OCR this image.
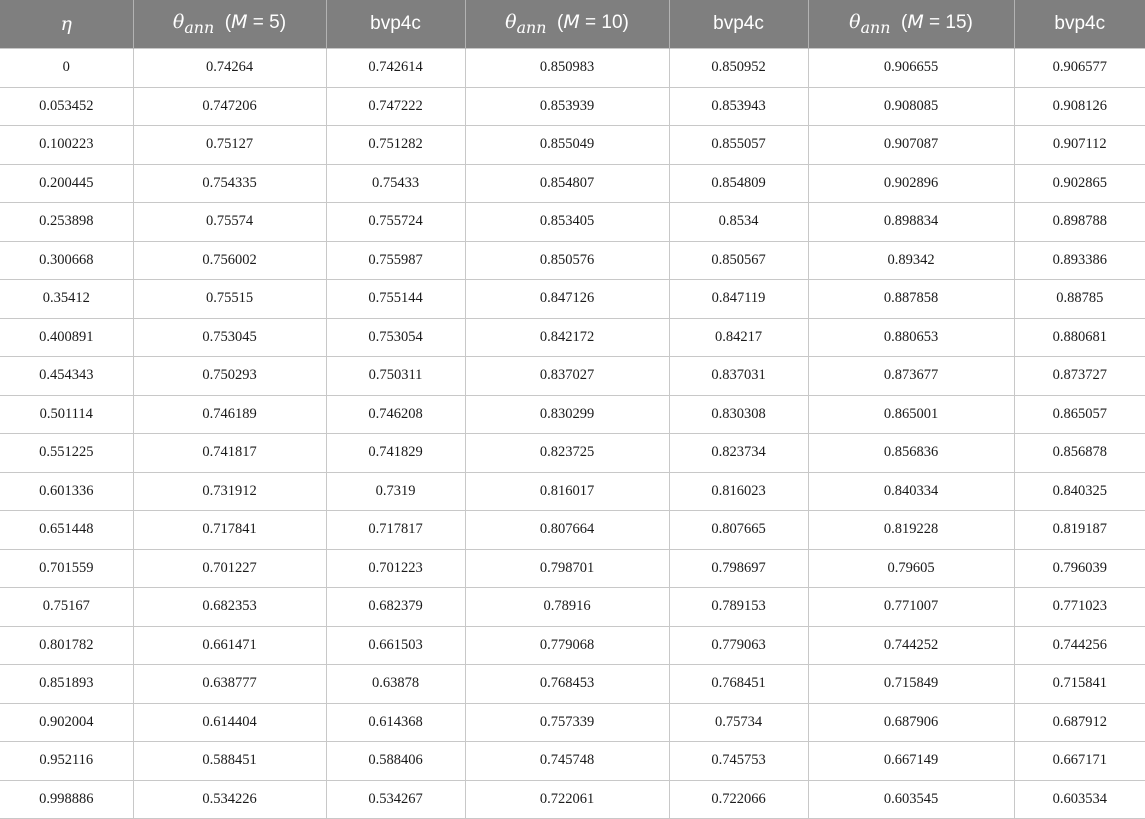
η	$\theta_{ann}$  (M = 5)	bvp4c	$\theta_{ann}$  (M = 10)	bvp4c	$\theta_{ann}$  (M = 15)	bvp4c
0	0.74264	0.742614	0.850983	0.850952	0.906655	0.906577
0.053452	0.747206	0.747222	0.853939	0.853943	0.908085	0.908126
0.100223	0.75127	0.751282	0.855049	0.855057	0.907087	0.907112
0.200445	0.754335	0.75433	0.854807	0.854809	0.902896	0.902865
0.253898	0.75574	0.755724	0.853405	0.8534	0.898834	0.898788
0.300668	0.756002	0.755987	0.850576	0.850567	0.89342	0.893386
0.35412	0.75515	0.755144	0.847126	0.847119	0.887858	0.88785
0.400891	0.753045	0.753054	0.842172	0.84217	0.880653	0.880681
0.454343	0.750293	0.750311	0.837027	0.837031	0.873677	0.873727
0.501114	0.746189	0.746208	0.830299	0.830308	0.865001	0.865057
0.551225	0.741817	0.741829	0.823725	0.823734	0.856836	0.856878
0.601336	0.731912	0.7319	0.816017	0.816023	0.840334	0.840325
0.651448	0.717841	0.717817	0.807664	0.807665	0.819228	0.819187
0.701559	0.701227	0.701223	0.798701	0.798697	0.79605	0.796039
0.75167	0.682353	0.682379	0.78916	0.789153	0.771007	0.771023
0.801782	0.661471	0.661503	0.779068	0.779063	0.744252	0.744256
0.851893	0.638777	0.63878	0.768453	0.768451	0.715849	0.715841
0.902004	0.614404	0.614368	0.757339	0.75734	0.687906	0.687912
0.952116	0.588451	0.588406	0.745748	0.745753	0.667149	0.667171
0.998886	0.534226	0.534267	0.722061	0.722066	0.603545	0.603534
